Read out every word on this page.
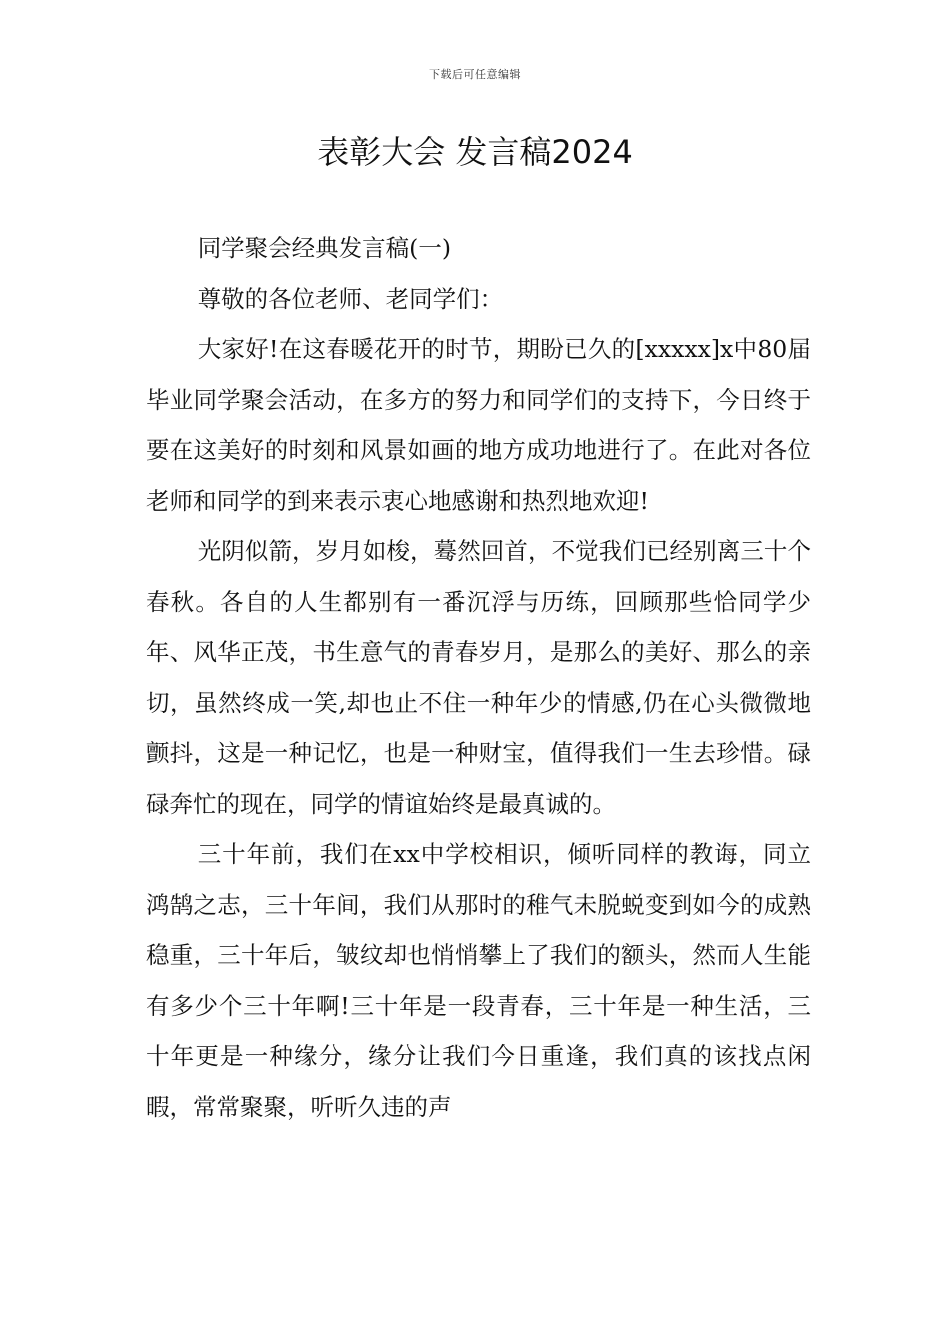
下载后可任意编辑
表彰大会 发言稿2024

同学聚会经典发言稿(一)

尊敬的各位老师、老同学们：

大家好!在这春暖花开的时节，期盼已久的[xxxxx]x中80届毕业同学聚会活动，在多方的努力和同学们的支持下，今日终于要在这美好的时刻和风景如画的地方成功地进行了。在此对各位老师和同学的到来表示衷心地感谢和热烈地欢迎!

光阴似箭，岁月如梭，蓦然回首，不觉我们已经别离三十个春秋。各自的人生都别有一番沉浮与历练，回顾那些恰同学少年、风华正茂，书生意气的青春岁月，是那么的美好、那么的亲切，虽然终成一笑,却也止不住一种年少的情感,仍在心头微微地颤抖，这是一种记忆，也是一种财宝，值得我们一生去珍惜。碌碌奔忙的现在，同学的情谊始终是最真诚的。

三十年前，我们在xx中学校相识，倾听同样的教诲，同立鸿鹄之志，三十年间，我们从那时的稚气未脱蜕变到如今的成熟稳重，三十年后，皱纹却也悄悄攀上了我们的额头，然而人生能有多少个三十年啊!三十年是一段青春，三十年是一种生活，三十年更是一种缘分，缘分让我们今日重逢，我们真的该找点闲暇，常常聚聚，听听久违的声
